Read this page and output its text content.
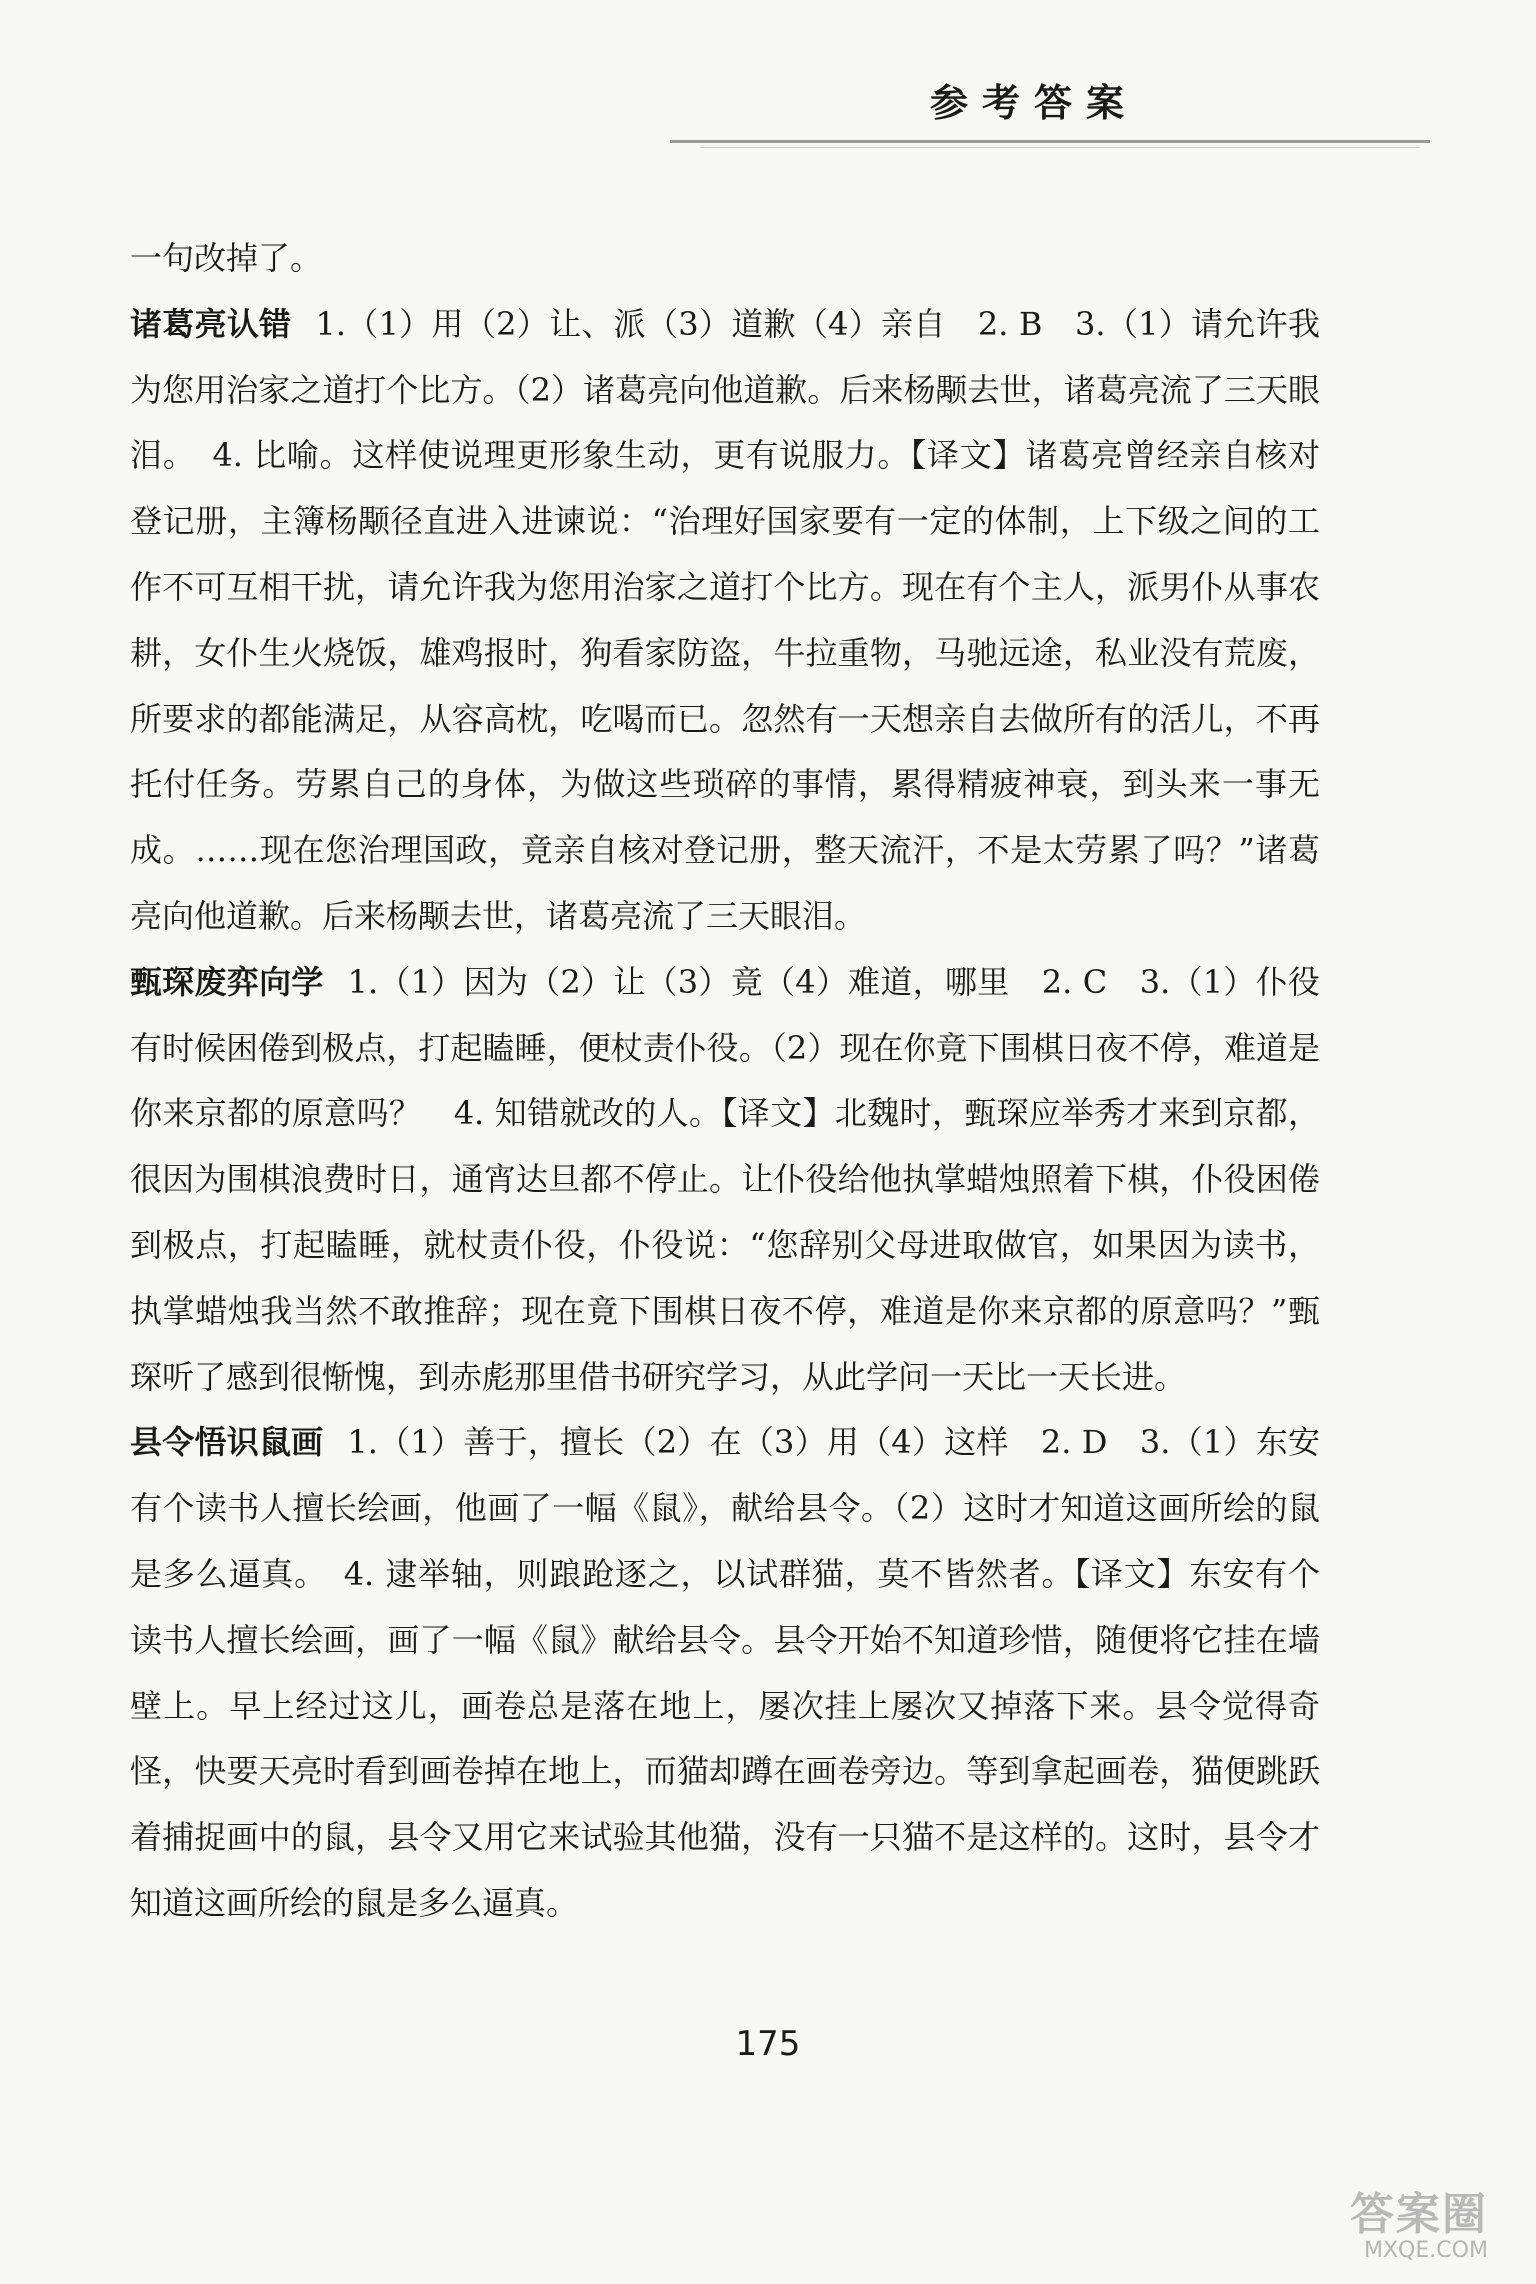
参考答案

一句改掉了。

诸葛亮认错 1.（1）用（2）让、派（3）道歉（4）亲自　2. B　3.（1）请允许我为您用治家之道打个比方。（2）诸葛亮向他道歉。后来杨颙去世，诸葛亮流了三天眼泪。　4. 比喻。这样使说理更形象生动，更有说服力。【译文】诸葛亮曾经亲自核对登记册，主簿杨颙径直进入进谏说：“治理好国家要有一定的体制，上下级之间的工作不可互相干扰，请允许我为您用治家之道打个比方。现在有个主人，派男仆从事农耕，女仆生火烧饭，雄鸡报时，狗看家防盗，牛拉重物，马驰远途，私业没有荒废，所要求的都能满足，从容高枕，吃喝而已。忽然有一天想亲自去做所有的活儿，不再托付任务。劳累自己的身体，为做这些琐碎的事情，累得精疲神衰，到头来一事无成。……现在您治理国政，竟亲自核对登记册，整天流汗，不是太劳累了吗？”诸葛亮向他道歉。后来杨颙去世，诸葛亮流了三天眼泪。

甄琛废弈向学 1.（1）因为（2）让（3）竟（4）难道，哪里　2. C　3.（1）仆役有时候困倦到极点，打起瞌睡，便杖责仆役。（2）现在你竟下围棋日夜不停，难道是你来京都的原意吗？　4. 知错就改的人。【译文】北魏时，甄琛应举秀才来到京都，很因为围棋浪费时日，通宵达旦都不停止。让仆役给他执掌蜡烛照着下棋，仆役困倦到极点，打起瞌睡，就杖责仆役，仆役说：“您辞别父母进取做官，如果因为读书，执掌蜡烛我当然不敢推辞；现在竟下围棋日夜不停，难道是你来京都的原意吗？”甄琛听了感到很惭愧，到赤彪那里借书研究学习，从此学问一天比一天长进。

县令悟识鼠画 1.（1）善于，擅长（2）在（3）用（4）这样　2. D　3.（1）东安有个读书人擅长绘画，他画了一幅《鼠》，献给县令。（2）这时才知道这画所绘的鼠是多么逼真。　4. 逮举轴，则踉跄逐之，以试群猫，莫不皆然者。【译文】东安有个读书人擅长绘画，画了一幅《鼠》献给县令。县令开始不知道珍惜，随便将它挂在墙壁上。早上经过这儿，画卷总是落在地上，屡次挂上屡次又掉落下来。县令觉得奇怪，快要天亮时看到画卷掉在地上，而猫却蹲在画卷旁边。等到拿起画卷，猫便跳跃着捕捉画中的鼠，县令又用它来试验其他猫，没有一只猫不是这样的。这时，县令才知道这画所绘的鼠是多么逼真。

175
答案圈
MXQE.COM
